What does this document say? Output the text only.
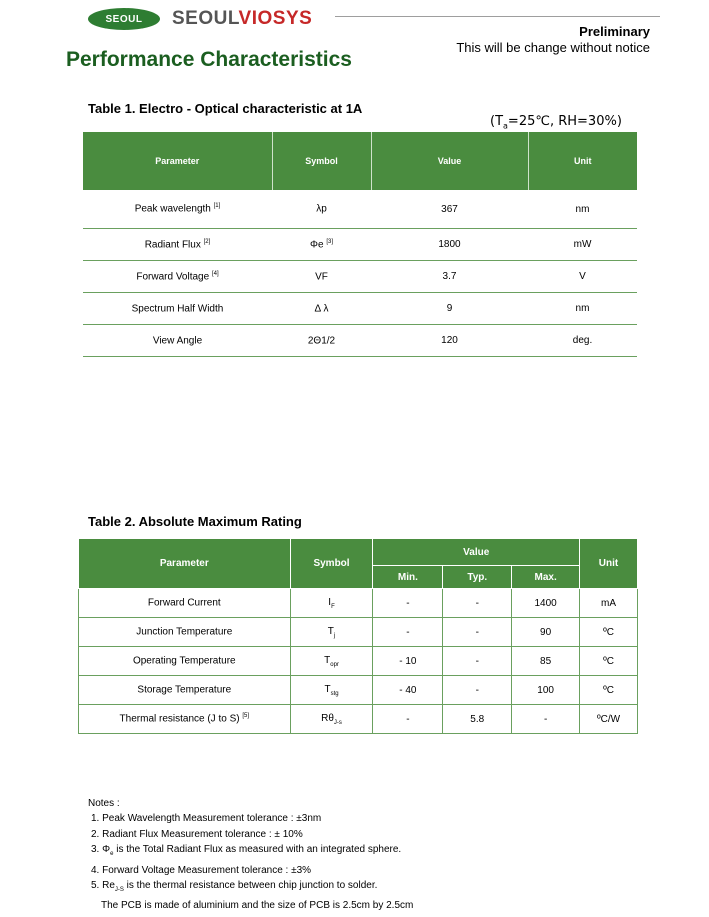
SEOUL SEOULVIOSYS
Preliminary
This will be change without notice
Performance Characteristics
Table 1. Electro - Optical characteristic at 1A
($T_a=25℃$, RH=30%)
Parameter	Symbol	Value	Unit
Peak wavelength [1]	λp	367	nm
Radiant Flux [2]	Φe [3]	1800	mW
Forward Voltage [4]	VF	3.7	V
Spectrum Half Width	Δ λ	9	nm
View Angle	2Θ1/2	120	deg.
Table 2. Absolute Maximum Rating
Parameter	Symbol	Value			Unit
		Min.	Typ.	Max.	
Forward Current	$I_F$	-	-	1400	mA
Junction Temperature	$T_j$	-	-	90	ºC
Operating Temperature	$T_{opr}$	- 10	-	85	ºC
Storage Temperature	$T_{stg}$	- 40	-	100	ºC
Thermal resistance (J to S) [5]	$R\theta_{J-s}$	-	5.8	-	ºC/W
Notes :
1. Peak Wavelength Measurement tolerance : ±3nm
2. Radiant Flux Measurement tolerance : ± 10%
3. $\Phi_e$ is the Total Radiant Flux as measured with an integrated sphere.
4. Forward Voltage Measurement tolerance : ±3%
5. $Re_{J-S}$ is the thermal resistance between chip junction to solder.
The PCB is made of aluminium and the size of PCB is 2.5cm by 2.5cm
